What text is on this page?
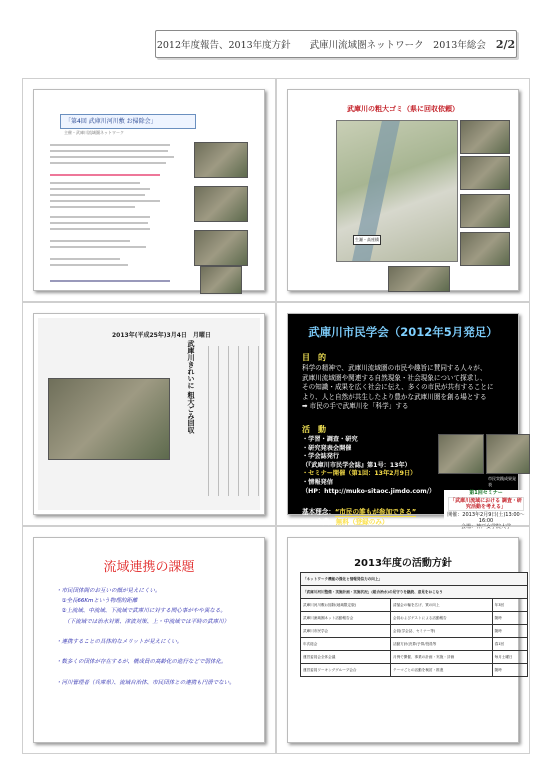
2012年度報告、2013年度方針　　武庫川流域圏ネットワーク　2013年総会 2/2
「第4回 武庫川河川敷 お掃除会」
主催・武庫川流域圏ネットワーク
武庫川の粗大ゴミ（県に回収依頼）
生瀬・高座橋
2013年(平成25年)3月4日　月曜日
武庫川きれいに 粗大ごみ回収
武庫川市民学会（2012年5月発足）
目　的
科学の精神で、武庫川流域圏の市民や趣旨に賛同する人々が、
武庫川流域圏や関連する自然現象・社会現象について探求し、
その知識・成果を広く社会に伝え、多くの市民が共有することに
より、人と自然が共生したより豊かな武庫川圏を創る場とする
➡ 市民の手で武庫川を「科学」する
活　動
・学習・調査・研究
・研究発表会開催
・学会誌発行
（『武庫川市民学会誌』第1号：13年）
・セミナー開催（第1回：13年2月9日）
・情報発信
（HP：http://muko-sitaoc.jimdo.com/）
市民実践成果発表
第1回セミナー
「武庫川流域における 調査・研究活動を考える」
開催：2013年2月9日(土)13:00～16:00
会場：神戸女学院大学
基本理念：“市民の誰もが参加できる”
会費：無料（登録のみ）
流域連携の課題
・市民団体間のお互いの顔が見えにくい。
　①全長66Kmという物理的距離
　②上流域、中流域、下流域で武庫川に対する関心事がやや異なる。
　　（下流域では治水対策、津波対策、上・中流域では平時の武庫川）

・連携することの具体的なメリットが見えにくい。

・数多くの団体が存在するが、構成員の高齢化の進行などで弱体化。

・河川管理者（兵庫県）、流域自治体、市民団体との連携も円滑でない。
2013年度の活動方針
「ネットワーク機能の強化と情報発信力の向上」		
「武庫川河川整備・実施計画・実施状況」(総合治水)の見守りを継続、意見をおこなう		
武庫川河川敷お掃除(地域限定版)	清掃会の輪を広げ、質の向上	年3回
武庫川流域圏ネット活動報告会	会員およびゲストによる活動報告	随時
武庫川市民学会	会員(学会誌、セミナー等)	随時
年次総会	活動方針(決算/予算/役員等	春1回
運営委員会全体会議	月例で開催、事業の計画・実施・評価	毎月土曜日
運営委員ワーキンググループ会合	テーマごとの活動を検討・推進	随時
